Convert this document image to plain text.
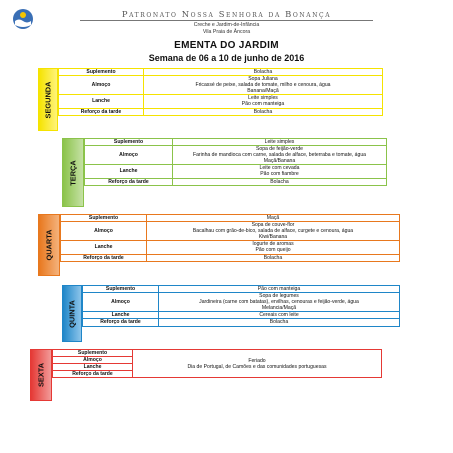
Patronato Nossa Senhora da Bonança
Creche e Jardim-de-Infância
Vila Praia de Âncora
EMENTA DO JARDIM
Semana de 06 a 10 de junho de 2016
SEGUNDA
Suplemento	Bolacha
Almoço	Sopa Juliana
Fricassé de peixe, salada de tomate, milho e cenoura, água
Banana/Maçã

Lanche	Leite simples
Pão com manteiga

Reforço da tarde	Bolacha
TERÇA
Suplemento	Leite simples
Almoço	Sopa de feijão-verde
Farinha de mandioca com carne, salada de alface, beterraba e tomate, água
Maçã/Banana

Lanche	Leite com cevada
Pão com fiambre

Reforço da tarde	Bolacha
QUARTA
Suplemento	Maçã
Almoço	Sopa de couve-flor
Bacalhau com grão-de-bico, salada de alface, curgete e cenoura, água
Kiwi/Banana

Lanche	Iogurte de aromas
Pão com queijo

Reforço da tarde	Bolacha
QUINTA
Suplemento	Pão com manteiga
Almoço	Sopa de legumes
Jardineira (carne com batatas), ervilhas, cenouras e feijão-verde, água
Melancia/Maçã

Lanche	Cereais com leite
Reforço da tarde	Bolacha
SEXTA
Suplemento	
Feriado
Dia de Portugal, de Camões e das comunidades portuguesas

Almoço
Lanche
Reforço da tarde
